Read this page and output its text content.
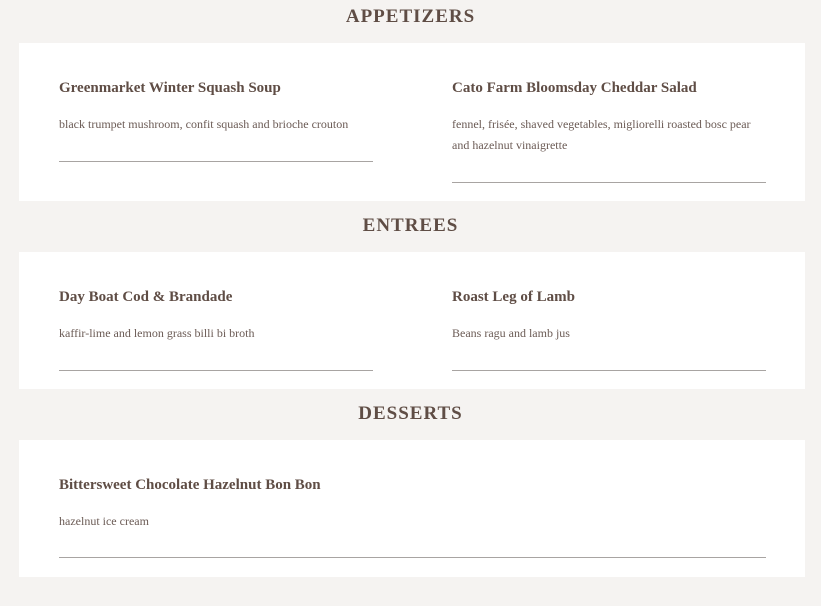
APPETIZERS

Greenmarket Winter Squash Soup

black trumpet mushroom, confit squash and brioche crouton

Cato Farm Bloomsday Cheddar Salad

fennel, frisée, shaved vegetables, migliorelli roasted bosc pear and hazelnut vinaigrette

ENTREES

Day Boat Cod & Brandade

kaffir-lime and lemon grass billi bi broth

Roast Leg of Lamb

Beans ragu and lamb jus

DESSERTS

Bittersweet Chocolate Hazelnut Bon Bon

hazelnut ice cream
